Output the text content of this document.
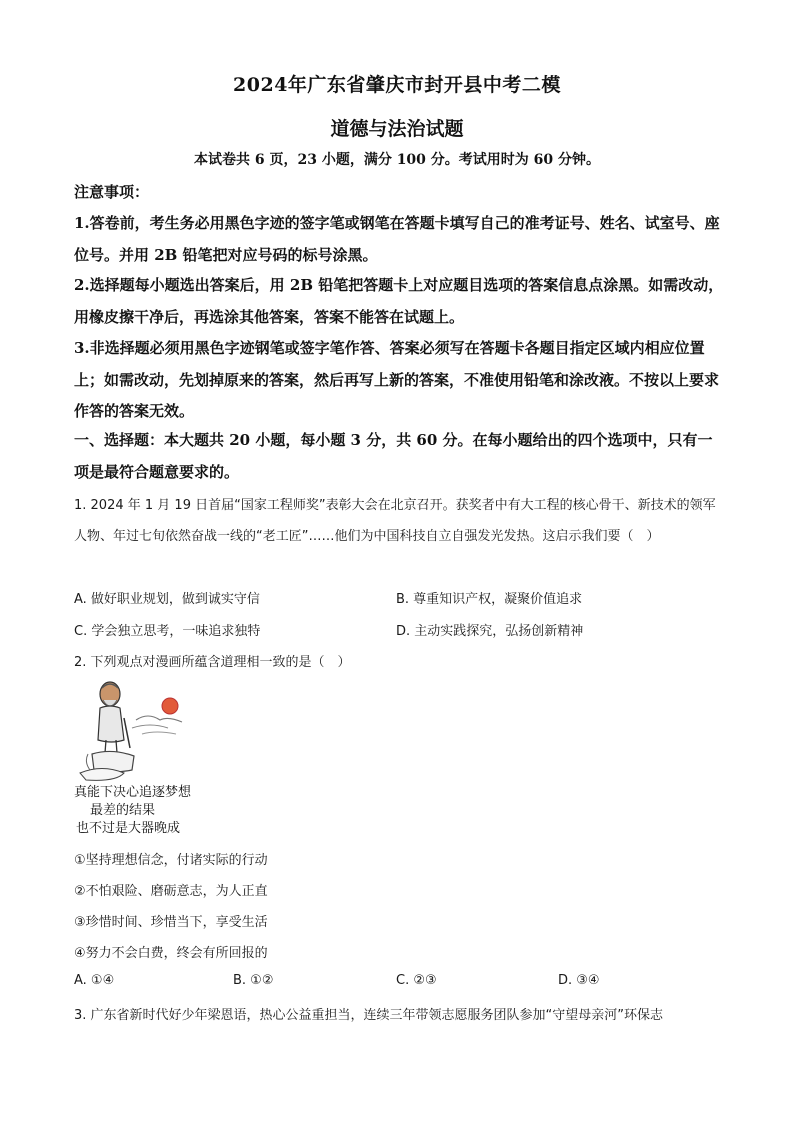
2024年广东省肇庆市封开县中考二模
道德与法治试题
本试卷共 6 页，23 小题，满分 100 分。考试用时为 60 分钟。
注意事项：
1.答卷前，考生务必用黑色字迹的签字笔或钢笔在答题卡填写自己的准考证号、姓名、试室号、座位号。并用 2B 铅笔把对应号码的标号涂黑。
2.选择题每小题选出答案后，用 2B 铅笔把答题卡上对应题目选项的答案信息点涂黑。如需改动，用橡皮擦干净后，再选涂其他答案，答案不能答在试题上。
3.非选择题必须用黑色字迹钢笔或签字笔作答、答案必须写在答题卡各题目指定区域内相应位置上；如需改动，先划掉原来的答案，然后再写上新的答案，不准使用铅笔和涂改液。不按以上要求作答的答案无效。
一、选择题：本大题共 20 小题，每小题 3 分，共 60 分。在每小题给出的四个选项中，只有一项是最符合题意要求的。
1. 2024 年 1 月 19 日首届“国家工程师奖”表彰大会在北京召开。获奖者中有大工程的核心骨干、新技术的领军人物、年过七旬依然奋战一线的“老工匠”……他们为中国科技自立自强发光发热。这启示我们要（　）
A. 做好职业规划，做到诚实守信	B. 尊重知识产权，凝聚价值追求
C. 学会独立思考，一味追求独特	D. 主动实践探究，弘扬创新精神
2. 下列观点对漫画所蕴含道理相一致的是（　）
真能下决心追逐梦想
最差的结果
也不过是大器晚成
①坚持理想信念，付诸实际的行动
②不怕艰险、磨砺意志，为人正直
③珍惜时间、珍惜当下，享受生活
④努力不会白费，终会有所回报的
A. ①④	B. ①②	C. ②③	D. ③④
3. 广东省新时代好少年梁恩语，热心公益重担当，连续三年带领志愿服务团队参加“守望母亲河”环保志
